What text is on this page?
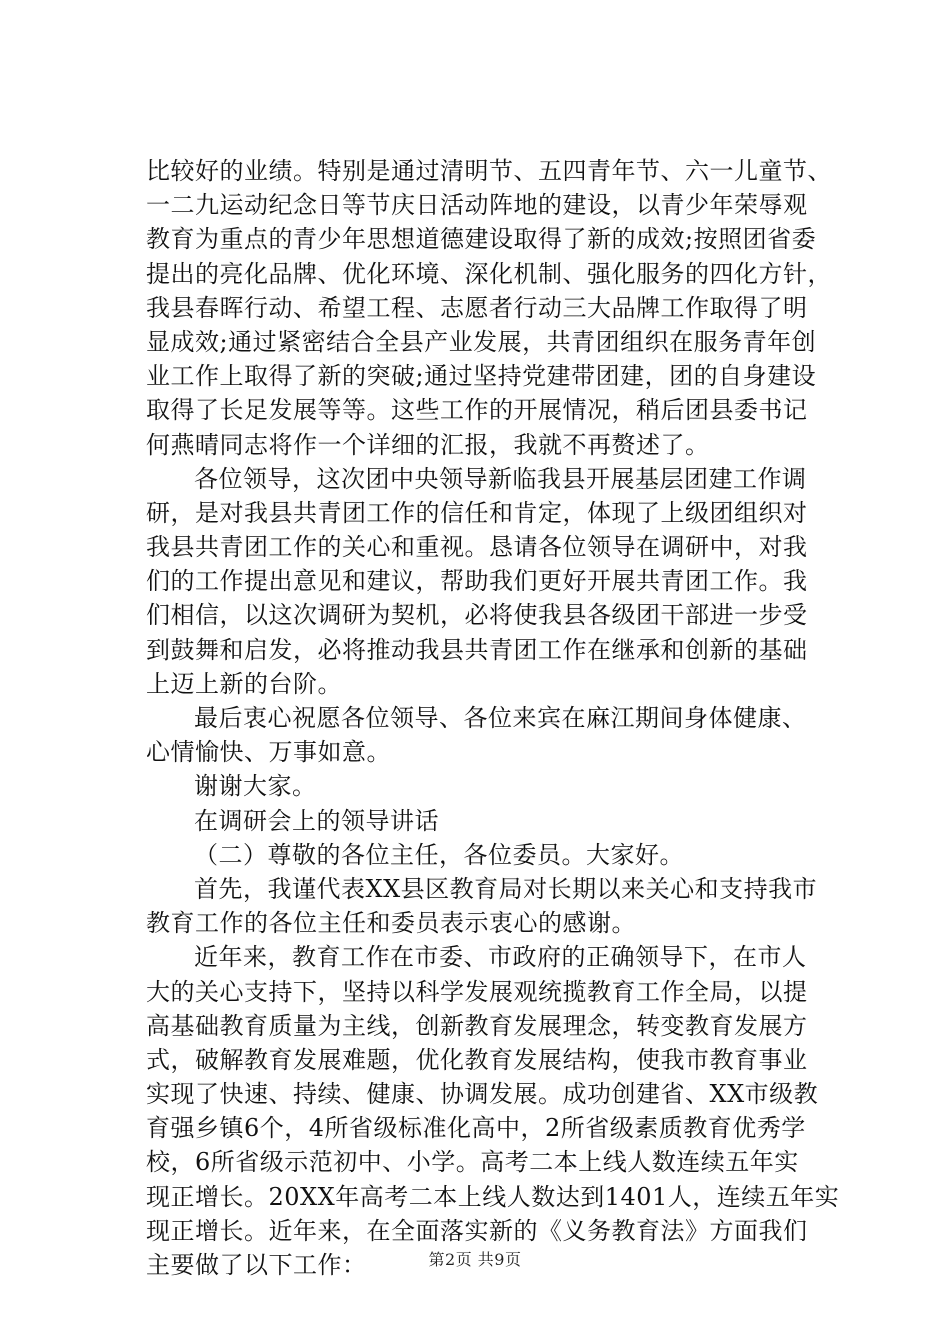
比较好的业绩。特别是通过清明节、五四青年节、六一儿童节、
一二九运动纪念日等节庆日活动阵地的建设，以青少年荣辱观
教育为重点的青少年思想道德建设取得了新的成效;按照团省委
提出的亮化品牌、优化环境、深化机制、强化服务的四化方针，
我县春晖行动、希望工程、志愿者行动三大品牌工作取得了明
显成效;通过紧密结合全县产业发展，共青团组织在服务青年创
业工作上取得了新的突破;通过坚持党建带团建，团的自身建设
取得了长足发展等等。这些工作的开展情况，稍后团县委书记
何燕晴同志将作一个详细的汇报，我就不再赘述了。
各位领导，这次团中央领导新临我县开展基层团建工作调
研，是对我县共青团工作的信任和肯定，体现了上级团组织对
我县共青团工作的关心和重视。恳请各位领导在调研中，对我
们的工作提出意见和建议，帮助我们更好开展共青团工作。我
们相信，以这次调研为契机，必将使我县各级团干部进一步受
到鼓舞和启发，必将推动我县共青团工作在继承和创新的基础
上迈上新的台阶。
最后衷心祝愿各位领导、各位来宾在麻江期间身体健康、
心情愉快、万事如意。
谢谢大家。
在调研会上的领导讲话
（二）尊敬的各位主任，各位委员。大家好。
首先，我谨代表XX县区教育局对长期以来关心和支持我市
教育工作的各位主任和委员表示衷心的感谢。
近年来，教育工作在市委、市政府的正确领导下，在市人
大的关心支持下，坚持以科学发展观统揽教育工作全局，以提
高基础教育质量为主线，创新教育发展理念，转变教育发展方
式，破解教育发展难题，优化教育发展结构，使我市教育事业
实现了快速、持续、健康、协调发展。成功创建省、XX市级教
育强乡镇6个，4所省级标准化高中，2所省级素质教育优秀学
校，6所省级示范初中、小学。高考二本上线人数连续五年实
现正增长。20XX年高考二本上线人数达到1401人，连续五年实
现正增长。近年来，在全面落实新的《义务教育法》方面我们
主要做了以下工作：	第2页 共9页
